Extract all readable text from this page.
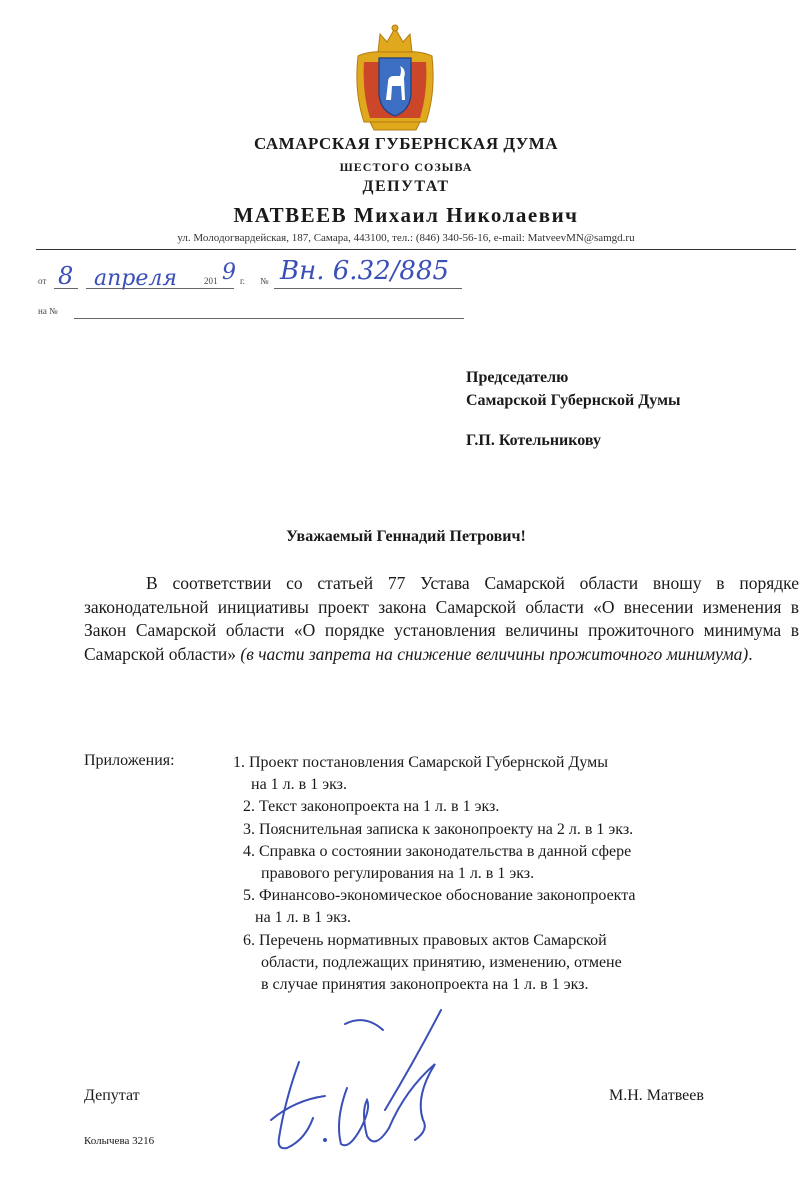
САМАРСКАЯ ГУБЕРНСКАЯ ДУМА
ШЕСТОГО СОЗЫВА
ДЕПУТАТ
МАТВЕЕВ Михаил Николаевич
ул. Молодогвардейская, 187, Самара, 443100, тел.: (846) 340-56-16, e-mail: MatveevMN@samgd.ru
от 8 апреля	201 9 г. № Вн. 6.32/885
на №
Председателю
Самарской Губернской Думы
Г.П. Котельникову
Уважаемый Геннадий Петрович!
В соответствии со статьей 77 Устава Самарской области вношу в порядке законодательной инициативы проект закона Самарской области «О внесении изменения в Закон Самарской области «О порядке установления величины прожиточного минимума в Самарской области» (в части запрета на снижение величины прожиточного минимума).
Приложения:	1. Проект постановления Самарской Губернской Думы
на 1 л. в 1 экз.
2. Текст законопроекта на 1 л. в 1 экз.
3. Пояснительная записка к законопроекту на 2 л. в 1 экз.
4. Справка о состоянии законодательства в данной сфере
правового регулирования на 1 л. в 1 экз.
5. Финансово-экономическое обоснование законопроекта
на 1 л. в 1 экз.
6. Перечень нормативных правовых актов Самарской
области, подлежащих принятию, изменению, отмене
в случае принятия законопроекта на 1 л. в 1 экз.
Депутат	М.Н. Матвеев
Колычева 3216
